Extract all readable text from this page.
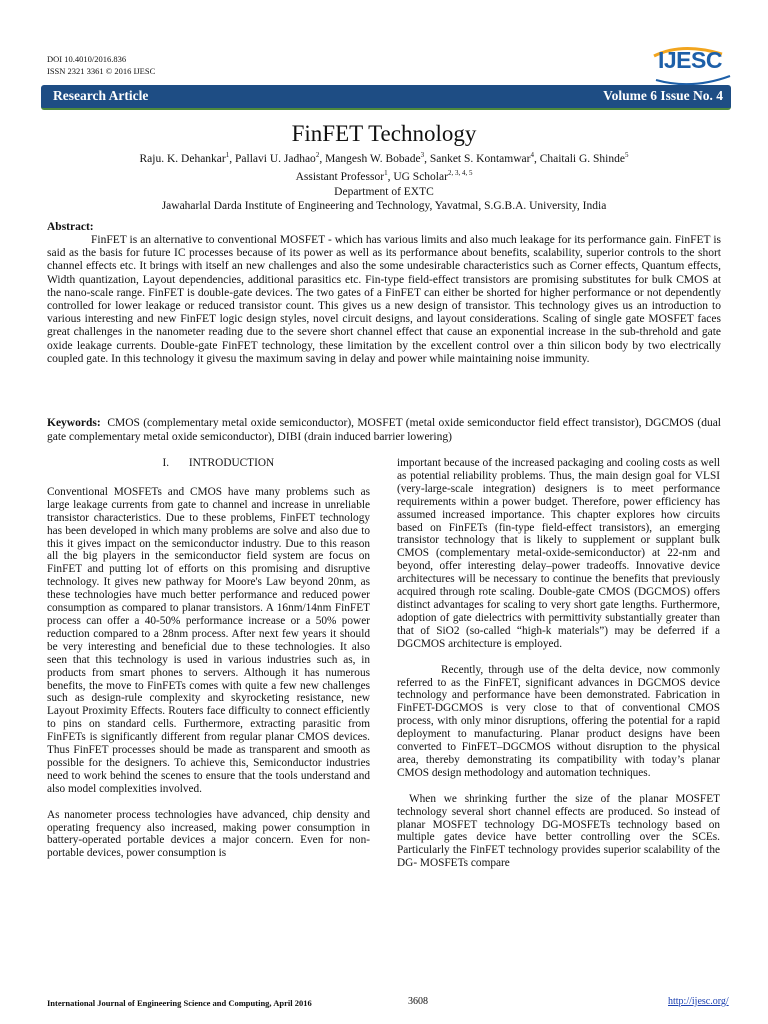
DOI 10.4010/2016.836
ISSN 2321 3361 © 2016 IJESC	IJESC
Research Article	Volume 6 Issue No. 4
FinFET Technology
Raju. K. Dehankar$^1$, Pallavi U. Jadhao$^2$, Mangesh W. Bobade$^3$, Sanket S. Kontamwar$^4$, Chaitali G. Shinde$^5$
Assistant Professor$^1$, UG Scholar$^{2, 3, 4, 5}$
Department of EXTC
Jawaharlal Darda Institute of Engineering and Technology, Yavatmal, S.G.B.A. University, India
Abstract:
FinFET is an alternative to conventional MOSFET - which has various limits and also much leakage for its performance gain. FinFET is said as the basis for future IC processes because of its power as well as its performance about benefits, scalability, superior controls to the short channel effects etc. It brings with itself an new challenges and also the some undesirable characteristics such as Corner effects, Quantum effects, Width quantization, Layout dependencies, additional parasitics etc. Fin-type field-effect transistors are promising substitutes for bulk CMOS at the nano-scale range. FinFET is double-gate devices. The two gates of a FinFET can either be shorted for higher performance or not dependently controlled for lower leakage or reduced transistor count. This gives us a new design of transistor. This technology gives us an introduction to various interesting and new FinFET logic design styles, novel circuit designs, and layout considerations. Scaling of single gate MOSFET faces great challenges in the nanometer reading due to the severe short channel effect that cause an exponential increase in the sub-threhold and gate oxide leakage currents. Double-gate FinFET technology, these limitation by the excellent control over a thin silicon body by two electrically coupled gate. In this technology it givesu the maximum saving in delay and power while maintaining noise immunity.
Keywords: CMOS (complementary metal oxide semiconductor), MOSFET (metal oxide semiconductor field effect transistor), DGCMOS (dual gate complementary metal oxide semiconductor), DIBI (drain induced barrier lowering)

I. INTRODUCTION

Conventional MOSFETs and CMOS have many problems such as large leakage currents from gate to channel and increase in unreliable transistor characteristics. Due to these problems, FinFET technology has been developed in which many problems are solve and also due to this it gives impact on the semiconductor industry. Due to this reason all the big players in the semiconductor field system are focus on FinFET and putting lot of efforts on this promising and disruptive technology. It gives new pathway for Moore's Law beyond 20nm, as these technologies have much better performance and reduced power consumption as compared to planar transistors. A 16nm/14nm FinFET process can offer a 40-50% performance increase or a 50% power reduction compared to a 28nm process. After next few years it should be very interesting and beneficial due to these technologies. It also seen that this technology is used in various industries such as, in products from smart phones to servers. Although it has numerous benefits, the move to FinFETs comes with quite a few new challenges such as design-rule complexity and skyrocketing resistance, new Layout Proximity Effects. Routers face difficulty to connect efficiently to pins on standard cells. Furthermore, extracting parasitic from FinFETs is significantly different from regular planar CMOS devices. Thus FinFET processes should be made as transparent and smooth as possible for the designers. To achieve this, Semiconductor industries need to work behind the scenes to ensure that the tools understand and also model complexities involved.

As nanometer process technologies have advanced, chip density and operating frequency also increased, making power consumption in battery-operated portable devices a major concern. Even for non-portable devices, power consumption is

important because of the increased packaging and cooling costs as well as potential reliability problems. Thus, the main design goal for VLSI (very-large-scale integration) designers is to meet performance requirements within a power budget. Therefore, power efficiency has assumed increased importance. This chapter explores how circuits based on FinFETs (fin-type field-effect transistors), an emerging transistor technology that is likely to supplement or supplant bulk CMOS (complementary metal-oxide-semiconductor) at 22-nm and beyond, offer interesting delay–power tradeoffs. Innovative device architectures will be necessary to continue the benefits that previously acquired through rote scaling. Double-gate CMOS (DGCMOS) offers distinct advantages for scaling to very short gate lengths. Furthermore, adoption of gate dielectrics with permittivity substantially greater than that of SiO2 (so-called “high-k materials”) may be deferred if a DGCMOS architecture is employed.

Recently, through use of the delta device, now commonly referred to as the FinFET, significant advances in DGCMOS device technology and performance have been demonstrated. Fabrication in FinFET-DGCMOS is very close to that of conventional CMOS process, with only minor disruptions, offering the potential for a rapid deployment to manufacturing. Planar product designs have been converted to FinFET–DGCMOS without disruption to the physical area, thereby demonstrating its compatibility with today’s planar CMOS design methodology and automation techniques.

When we shrinking further the size of the planar MOSFET technology several short channel effects are produced. So instead of planar MOSFET technology DG-MOSFETs technology based on multiple gates device have better controlling over the SCEs. Particularly the FinFET technology provides superior scalability of the DG- MOSFETs compare

International Journal of Engineering Science and Computing, April 2016	3608	http://ijesc.org/
